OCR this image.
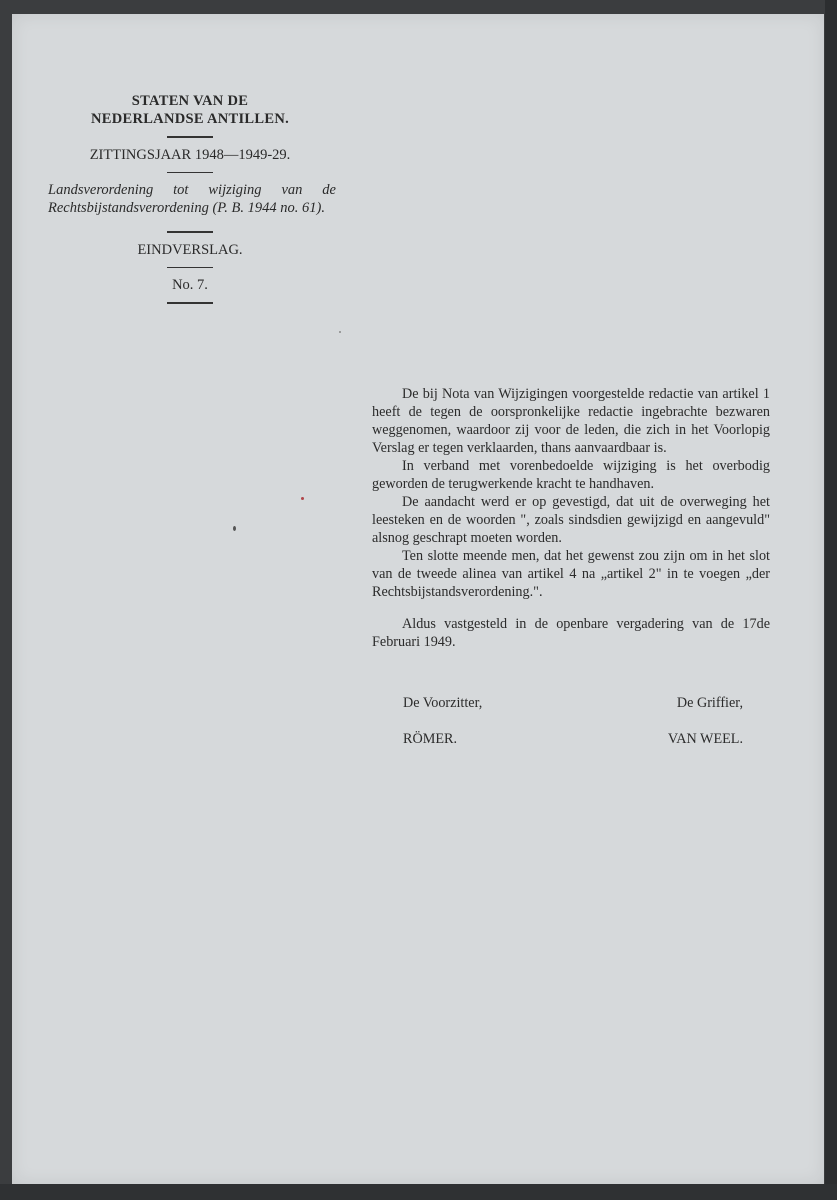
STATEN VAN DE
NEDERLANDSE ANTILLEN.
ZITTINGSJAAR 1948—1949-29.
Landsverordening tot wijziging van de Rechtsbijstandsverordening (P. B. 1944 no. 61).
EINDVERSLAG.
No. 7.

De bij Nota van Wijzigingen voorgestelde redactie van artikel 1 heeft de tegen de oorspronkelijke redactie ingebrachte bezwaren weggenomen, waardoor zij voor de leden, die zich in het Voorlopig Verslag er tegen verklaarden, thans aanvaardbaar is.

In verband met vorenbedoelde wijziging is het overbodig geworden de terugwerkende kracht te handhaven.

De aandacht werd er op gevestigd, dat uit de overweging het leesteken en de woorden ", zoals sindsdien gewijzigd en aangevuld" alsnog geschrapt moeten worden.

Ten slotte meende men, dat het gewenst zou zijn om in het slot van de tweede alinea van artikel 4 na „artikel 2" in te voegen „der Rechtsbijstandsverordening.".

Aldus vastgesteld in de openbare vergadering van de 17de Februari 1949.

De Voorzitter,	De Griffier,
RÖMER.	VAN WEEL.
